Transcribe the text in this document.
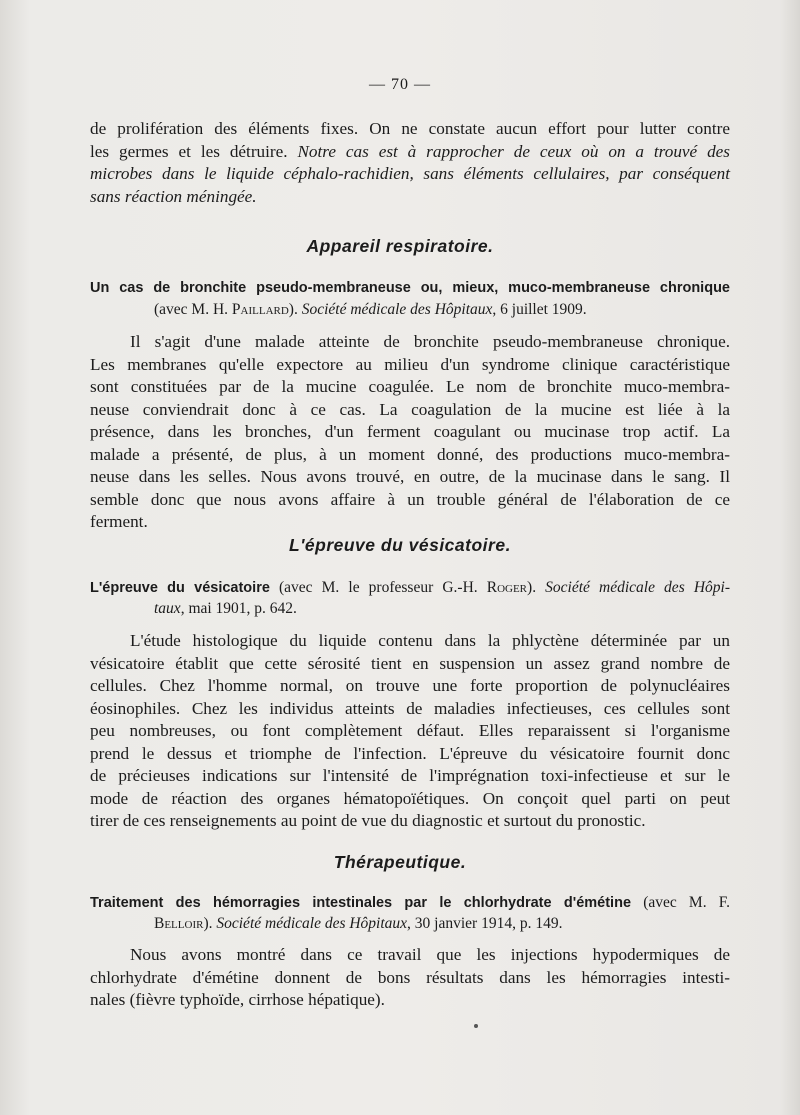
— 70 —
de prolifération des éléments fixes. On ne constate aucun effort pour lutter contre
les germes et les détruire. Notre cas est à rapprocher de ceux où on a trouvé des
microbes dans le liquide céphalo-rachidien, sans éléments cellulaires, par conséquent
sans réaction méningée.
Appareil respiratoire.
Un cas de bronchite pseudo-membraneuse ou, mieux, muco-membraneuse chronique
(avec M. H. Paillard). Société médicale des Hôpitaux, 6 juillet 1909.
Il s'agit d'une malade atteinte de bronchite pseudo-membraneuse chronique.
Les membranes qu'elle expectore au milieu d'un syndrome clinique caractéristique
sont constituées par de la mucine coagulée. Le nom de bronchite muco-membra-
neuse conviendrait donc à ce cas. La coagulation de la mucine est liée à la
présence, dans les bronches, d'un ferment coagulant ou mucinase trop actif. La
malade a présenté, de plus, à un moment donné, des productions muco-membra-
neuse dans les selles. Nous avons trouvé, en outre, de la mucinase dans le sang. Il
semble donc que nous avons affaire à un trouble général de l'élaboration de ce
ferment.
L'épreuve du vésicatoire.
L'épreuve du vésicatoire (avec M. le professeur G.-H. Roger). Société médicale des Hôpi-
taux, mai 1901, p. 642.
L'étude histologique du liquide contenu dans la phlyctène déterminée par un
vésicatoire établit que cette sérosité tient en suspension un assez grand nombre de
cellules. Chez l'homme normal, on trouve une forte proportion de polynucléaires
éosinophiles. Chez les individus atteints de maladies infectieuses, ces cellules sont
peu nombreuses, ou font complètement défaut. Elles reparaissent si l'organisme
prend le dessus et triomphe de l'infection. L'épreuve du vésicatoire fournit donc
de précieuses indications sur l'intensité de l'imprégnation toxi-infectieuse et sur le
mode de réaction des organes hématopoïétiques. On conçoit quel parti on peut
tirer de ces renseignements au point de vue du diagnostic et surtout du pronostic.
Thérapeutique.
Traitement des hémorragies intestinales par le chlorhydrate d'émétine (avec M. F.
Belloir). Société médicale des Hôpitaux, 30 janvier 1914, p. 149.
Nous avons montré dans ce travail que les injections hypodermiques de
chlorhydrate d'émétine donnent de bons résultats dans les hémorragies intesti-
nales (fièvre typhoïde, cirrhose hépatique).
